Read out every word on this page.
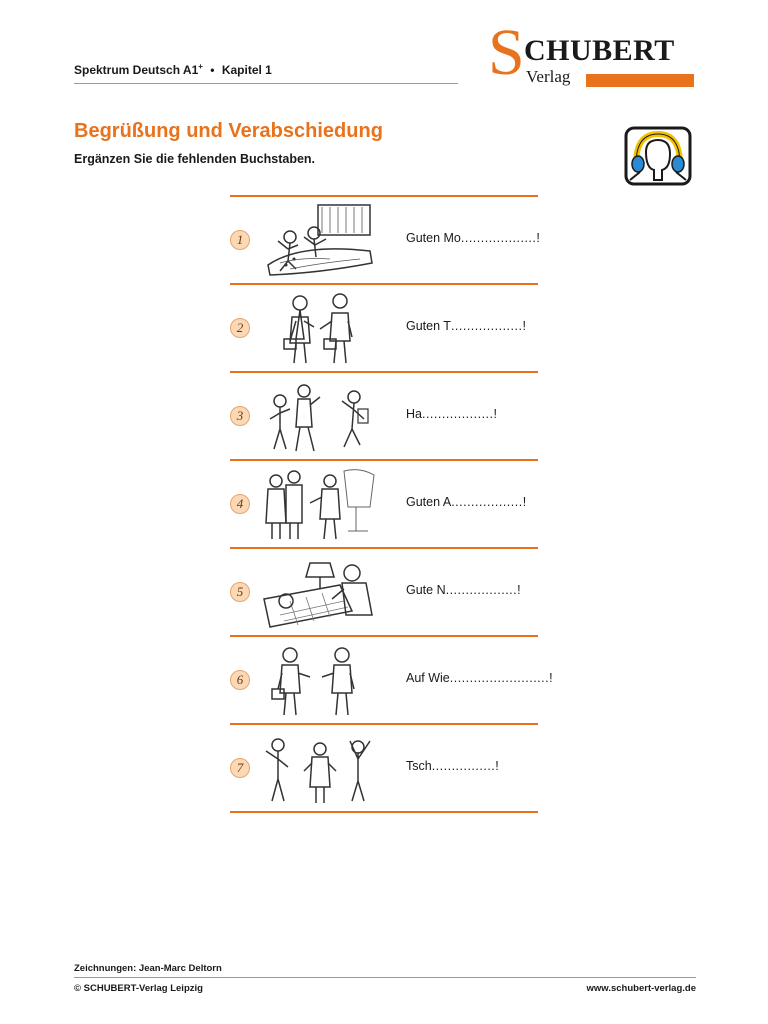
Spektrum Deutsch A1+ • Kapitel 1	S CHUBERT
Verlag
Begrüßung und Verabschiedung
Ergänzen Sie die fehlenden Buchstaben.
1	Guten Mo...................!
2	Guten T..................!
3	Ha..................!
4	Guten A..................!
5	Gute N..................!
6	Auf Wie.........................!
7	Tsch................!
Zeichnungen: Jean-Marc Deltorn
© SCHUBERT-Verlag Leipzig	www.schubert-verlag.de
